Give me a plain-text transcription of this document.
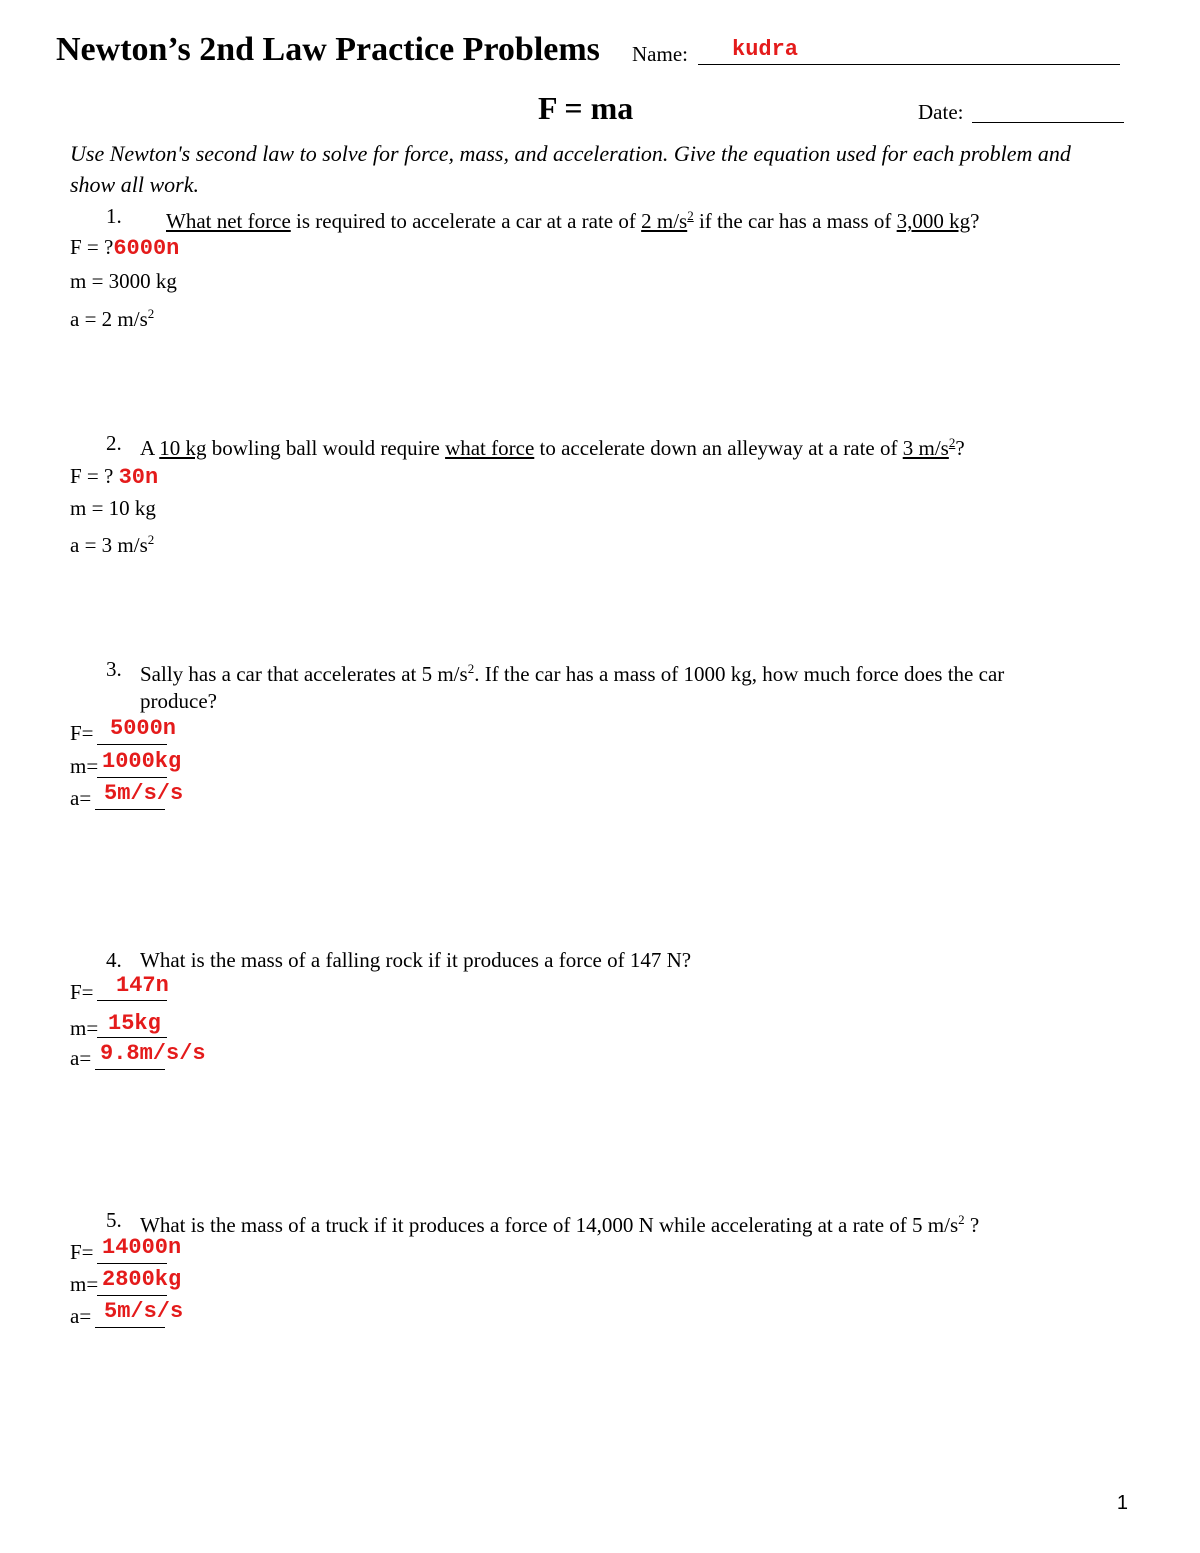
Newton’s 2nd Law Practice Problems Name: kudra
F = ma	Date:
Use Newton's second law to solve for force, mass, and acceleration. Give the equation used for each problem and show all work.
1. What net force is required to accelerate a car at a rate of 2 $m/s^2$ if the car has a mass of 3,000 kg?
F = ?6000n
m = 3000 kg
a = 2 $m/s^2$
2. A 10 kg bowling ball would require what force to accelerate down an alleyway at a rate of 3 $m/s^2$?
F = ? 30n
m = 10 kg
a = 3 $m/s^2$
3. Sally has a car that accelerates at 5 $m/s^2$. If the car has a mass of 1000 kg, how much force does the car
produce?
F= 5000n
m= 1000kg
a= 5m/s/s
4. What is the mass of a falling rock if it produces a force of 147 N?
F= 147n
m= 15kg
a= 9.8m/s/s
5. What is the mass of a truck if it produces a force of 14,000 N while accelerating at a rate of 5 $m/s^2$ ?
F= 14000n
m= 2800kg
a= 5m/s/s
1
